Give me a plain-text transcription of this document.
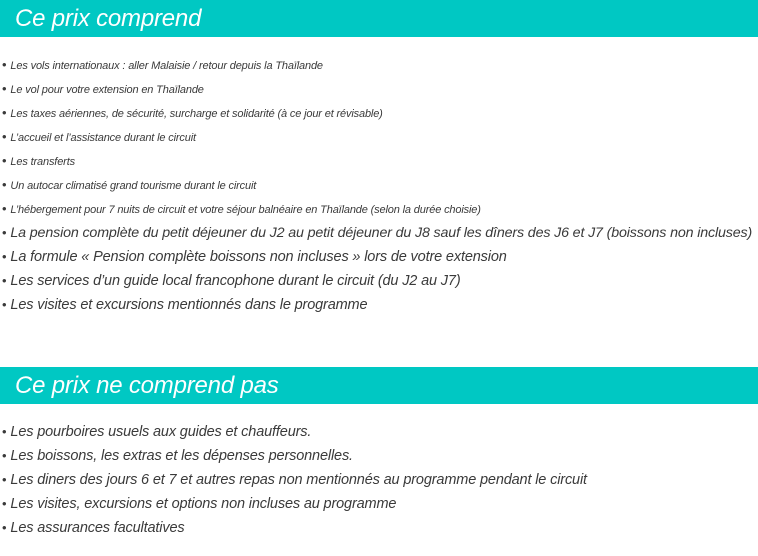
Ce prix comprend
• Les vols internationaux : aller Malaisie / retour depuis la Thaïlande
• Le vol pour votre extension en Thaïlande
• Les taxes aériennes, de sécurité, surcharge et solidarité (à ce jour et révisable)
• L’accueil et l’assistance durant le circuit
• Les transferts
• Un autocar climatisé grand tourisme durant le circuit
• L’hébergement pour 7 nuits de circuit et votre séjour balnéaire en Thaïlande (selon la durée choisie)
• La pension complète du petit déjeuner du J2 au petit déjeuner du J8 sauf les dîners des J6 et J7 (boissons non incluses)
• La formule « Pension complète boissons non incluses » lors de votre extension
• Les services d’un guide local francophone durant le circuit (du J2 au J7)
• Les visites et excursions mentionnés dans le programme
Ce prix ne comprend pas
• Les pourboires usuels aux guides et chauffeurs.
• Les boissons, les extras et les dépenses personnelles.
• Les diners des jours 6 et 7 et autres repas non mentionnés au programme pendant le circuit
• Les visites, excursions et options non incluses au programme
• Les assurances facultatives
